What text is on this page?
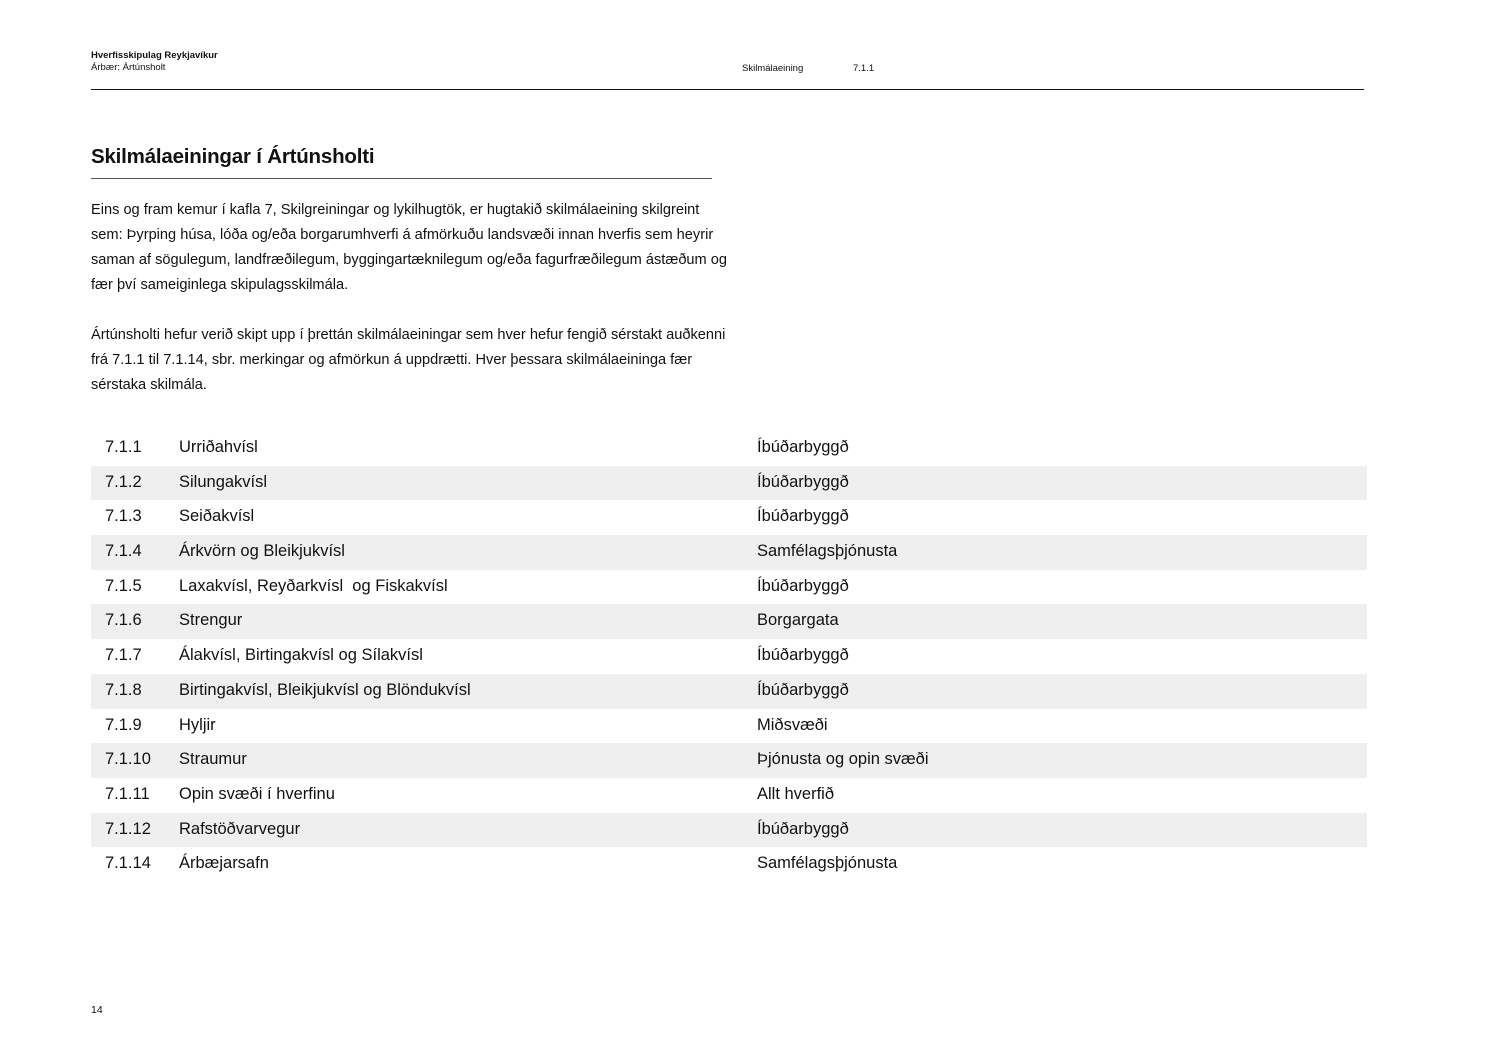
Hverfisskipulag Reykjavíkur
Árbær: Ártúnsholt	Skilmálaeining	7.1.1
Skilmálaeiningar í Ártúnsholti
Eins og fram kemur í kafla 7, Skilgreiningar og lykilhugtök, er hugtakið skilmálaeining skilgreint sem: Þyrping húsa, lóða og/eða borgarumhverfi á afmörkuðu landsvæði innan hverfis sem heyrir saman af sögulegum, landfræðilegum, byggingartæknilegum og/eða fagurfræðilegum ástæðum og fær því sameiginlega skipulagsskilmála.
Ártúnsholti hefur verið skipt upp í þrettán skilmálaeiningar sem hver hefur fengið sérstakt auðkenni frá 7.1.1 til 7.1.14, sbr. merkingar og afmörkun á uppdrætti. Hver þessara skilmálaeininga fær sérstaka skilmála.
7.1.1 Urriðahvísl	Íbúðarbyggð
7.1.2 Silungakvísl	Íbúðarbyggð
7.1.3 Seiðakvísl	Íbúðarbyggð
7.1.4 Árkvörn og Bleikjukvísl	Samfélagsþjónusta
7.1.5 Laxakvísl, Reyðarkvísl  og Fiskakvísl	Íbúðarbyggð
7.1.6 Strengur	Borgargata
7.1.7 Álakvísl, Birtingakvísl og Sílakvísl	Íbúðarbyggð
7.1.8 Birtingakvísl, Bleikjukvísl og Blöndukvísl	Íbúðarbyggð
7.1.9 Hyljir	Miðsvæði
7.1.10 Straumur	Þjónusta og opin svæði
7.1.11 Opin svæði í hverfinu	Allt hverfið
7.1.12 Rafstöðvarvegur	Íbúðarbyggð
7.1.14 Árbæjarsafn	Samfélagsþjónusta
14
